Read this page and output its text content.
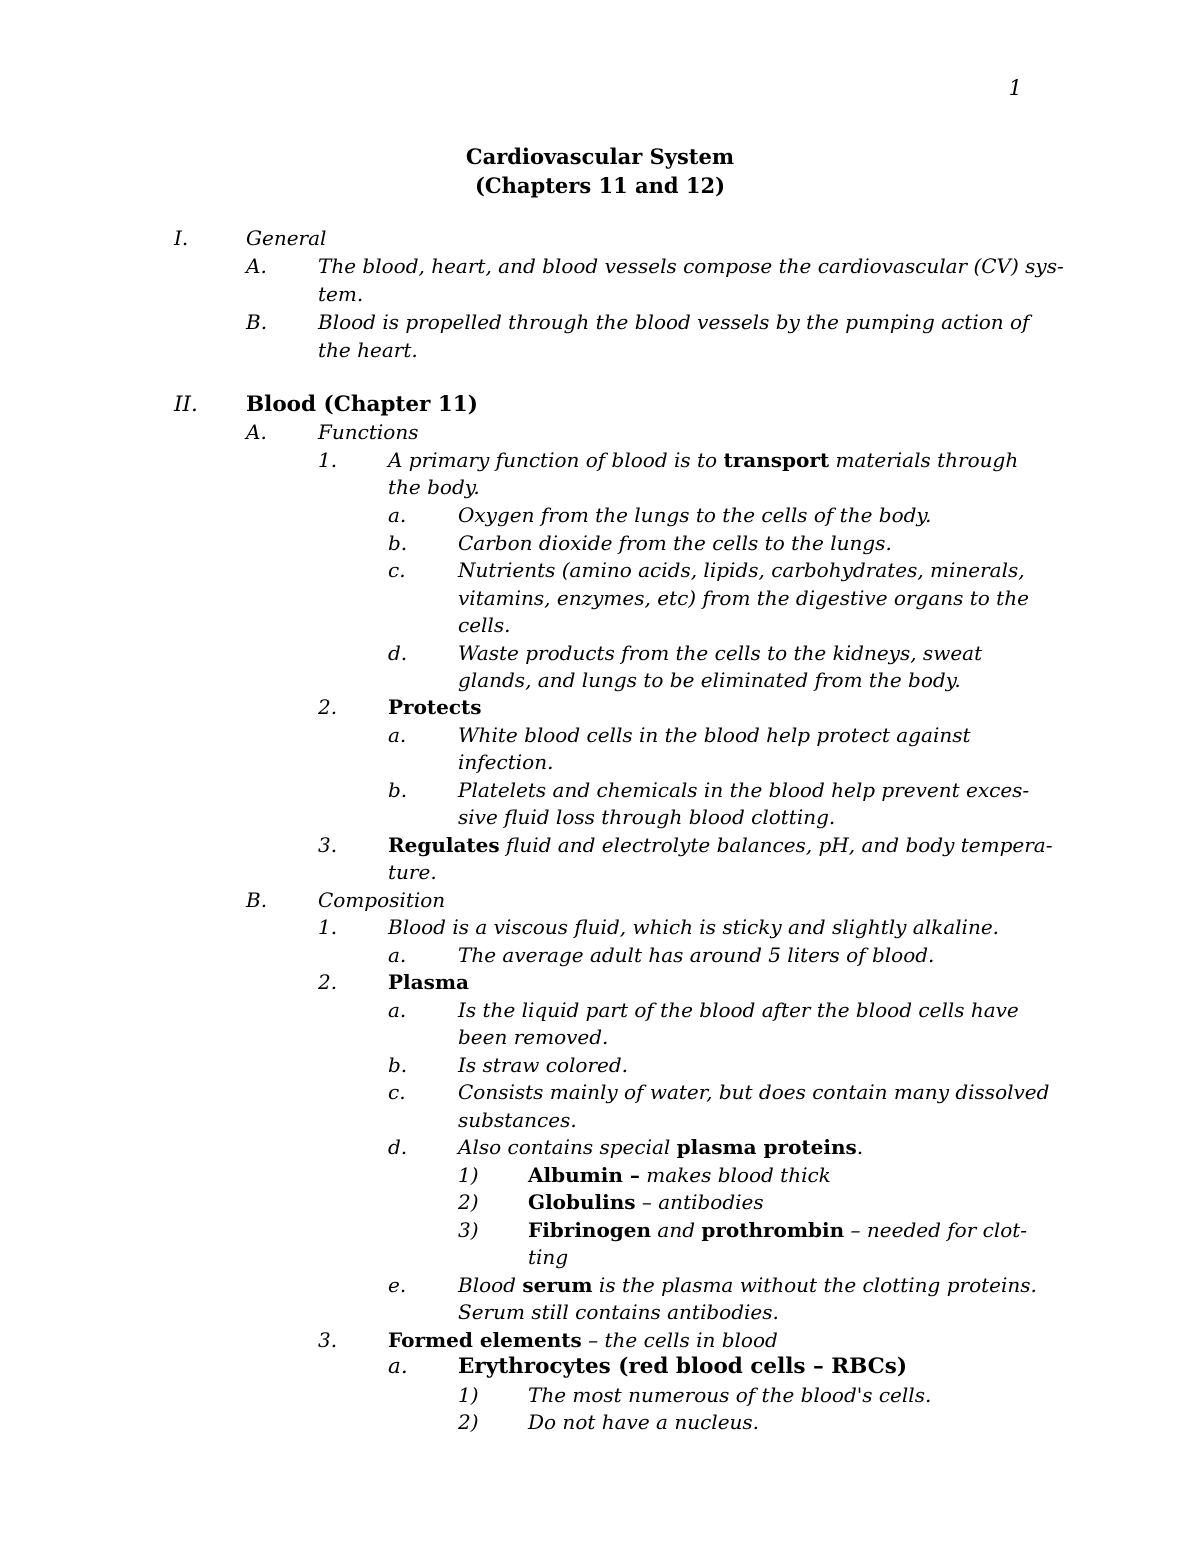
1
Cardiovascular System
(Chapters 11 and 12)
I.	General
A.	The blood, heart, and blood vessels compose the cardiovascular (CV) sys-
tem.
B.	Blood is propelled through the blood vessels by the pumping action of
the heart.
II. Blood (Chapter 11)
A.	Functions
1.	A primary function of blood is to transport materials through
the body.
a.	Oxygen from the lungs to the cells of the body.
b.	Carbon dioxide from the cells to the lungs.
c.	Nutrients (amino acids, lipids, carbohydrates, minerals,
vitamins, enzymes, etc) from the digestive organs to the
cells.
d.	Waste products from the cells to the kidneys, sweat
glands, and lungs to be eliminated from the body.
2.	Protects
a.	White blood cells in the blood help protect against
infection.
b.	Platelets and chemicals in the blood help prevent exces-
sive fluid loss through blood clotting.
3.	Regulates fluid and electrolyte balances, pH, and body tempera-
ture.
B.	Composition
1.	Blood is a viscous fluid, which is sticky and slightly alkaline.
a.	The average adult has around 5 liters of blood.
2.	Plasma
a.	Is the liquid part of the blood after the blood cells have
been removed.
b.	Is straw colored.
c.	Consists mainly of water, but does contain many dissolved
substances.
d.	Also contains special plasma proteins.
1) Albumin – makes blood thick
2) Globulins – antibodies
3) Fibrinogen and prothrombin – needed for clot-
ting
e.	Blood serum is the plasma without the clotting proteins.
Serum still contains antibodies.
3.	Formed elements – the cells in blood
a. Erythrocytes (red blood cells – RBCs)
1) The most numerous of the blood's cells.
2) Do not have a nucleus.
